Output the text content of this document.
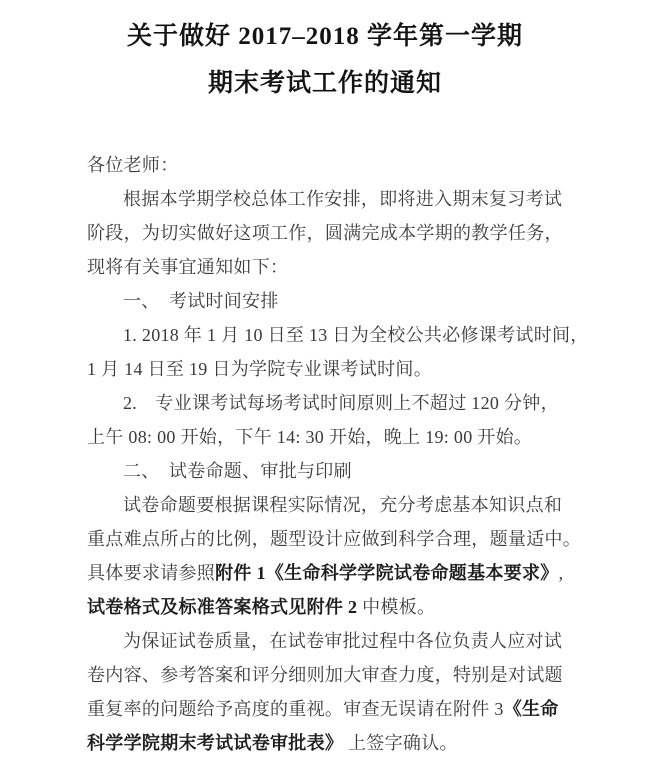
关于做好 2017–2018 学年第一学期
期末考试工作的通知
各位老师：
根据本学期学校总体工作安排，即将进入期末复习考试
阶段，为切实做好这项工作，圆满完成本学期的教学任务，
现将有关事宜通知如下：
一、　考试时间安排
1. 2018 年 1 月 10 日至 13 日为全校公共必修课考试时间，
1 月 14 日至 19 日为学院专业课考试时间。
2.　专业课考试每场考试时间原则上不超过 120 分钟，
上午 08: 00 开始，下午 14: 30 开始，晚上 19: 00 开始。
二、　试卷命题、审批与印刷
试卷命题要根据课程实际情况，充分考虑基本知识点和
重点难点所占的比例，题型设计应做到科学合理，题量适中。
具体要求请参照附件 1《生命科学学院试卷命题基本要求》,
试卷格式及标准答案格式见附件 2 中模板。
为保证试卷质量，在试卷审批过程中各位负责人应对试
卷内容、参考答案和评分细则加大审查力度，特别是对试题
重复率的问题给予高度的重视。审查无误请在附件 3《生命
科学学院期末考试试卷审批表》 上签字确认。
